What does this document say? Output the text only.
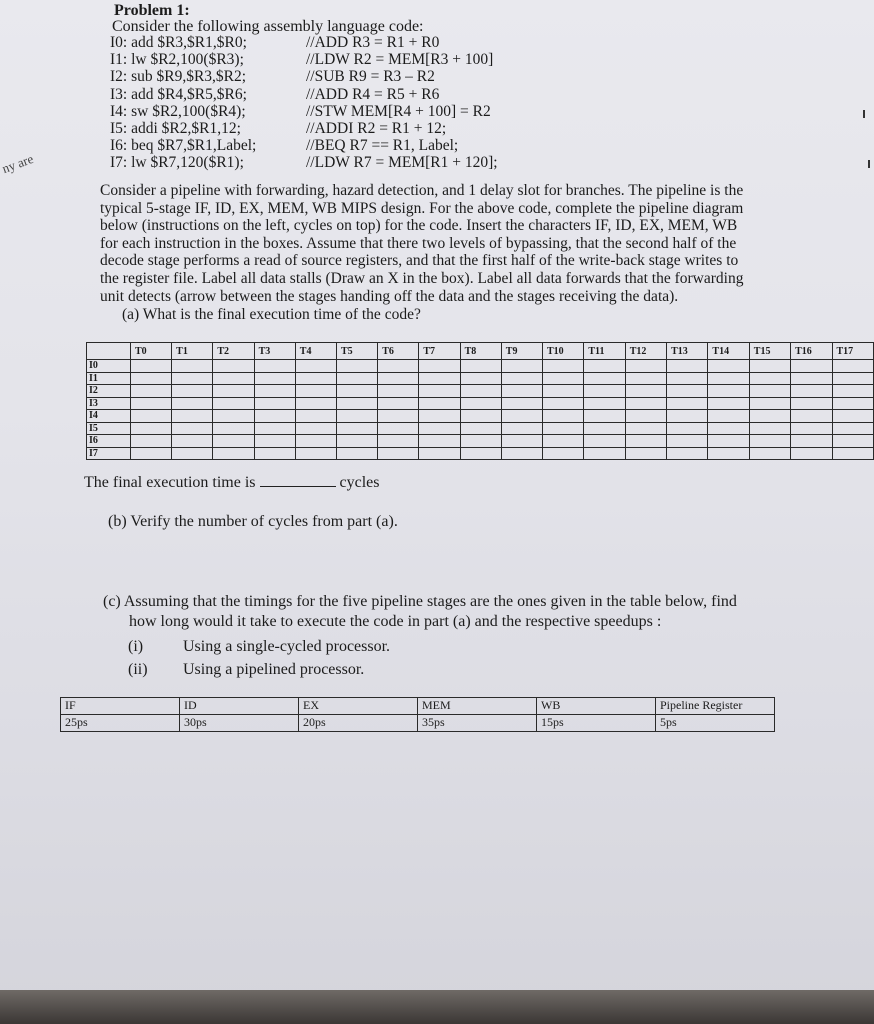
ny are
Problem 1:
Consider the following assembly language code:
I0: add $R3,$R1,$R0;	//ADD R3 = R1 + R0
I1: lw $R2,100($R3);	//LDW R2 = MEM[R3 + 100]
I2: sub $R9,$R3,$R2;	//SUB R9 = R3 – R2
I3: add $R4,$R5,$R6;	//ADD R4 = R5 + R6
I4: sw $R2,100($R4);	//STW MEM[R4 + 100] = R2
I5: addi $R2,$R1,12;	//ADDI R2 = R1 + 12;
I6: beq $R7,$R1,Label;	//BEQ R7 == R1, Label;
I7: lw $R7,120($R1);	//LDW R7 = MEM[R1 + 120];
Consider a pipeline with forwarding, hazard detection, and 1 delay slot for branches. The pipeline is the
typical 5-stage IF, ID, EX, MEM, WB MIPS design. For the above code, complete the pipeline diagram
below (instructions on the left, cycles on top) for the code. Insert the characters IF, ID, EX, MEM, WB
for each instruction in the boxes. Assume that there two levels of bypassing, that the second half of the
decode stage performs a read of source registers, and that the first half of the write-back stage writes to
the register file. Label all data stalls (Draw an X in the box). Label all data forwards that the forwarding
unit detects (arrow between the stages handing off the data and the stages receiving the data).
(a) What is the final execution time of the code?
	T0	T1	T2	T3	T4	T5	T6	T7	T8	T9	T10	T11	T12	T13	T14	T15	T16	T17
I0																		
I1																		
I2																		
I3																		
I4																		
I5																		
I6																		
I7																		
The final execution time is	cycles
(b) Verify the number of cycles from part (a).
(c) Assuming that the timings for the five pipeline stages are the ones given in the table below, find
how long would it take to execute the code in part (a) and the respective speedups :
(i)	Using a single-cycled processor.
(ii)	Using a pipelined processor.
IF	ID	EX	MEM	WB	Pipeline Register
25ps	30ps	20ps	35ps	15ps	5ps
